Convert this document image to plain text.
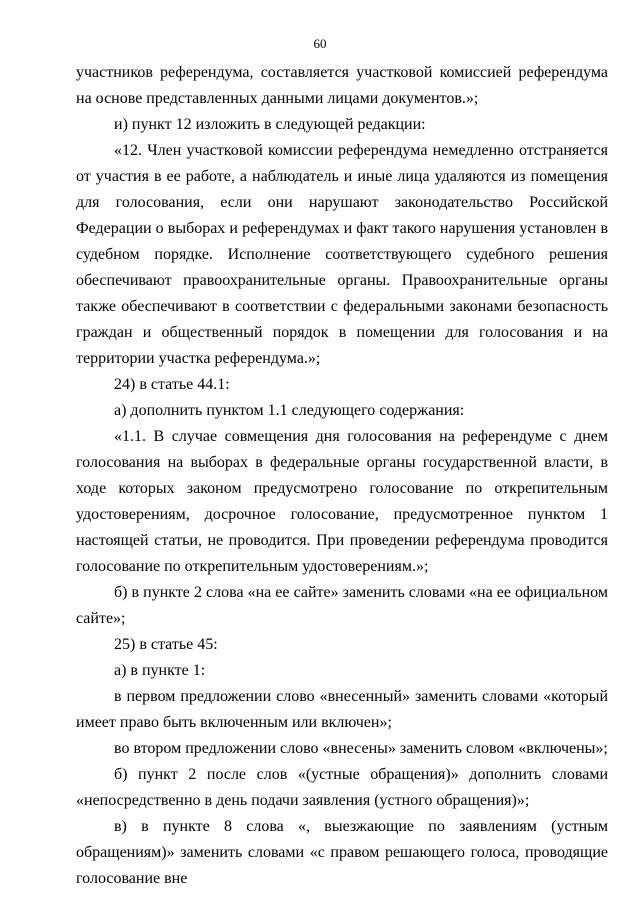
60

участников референдума, составляется участковой комиссией референдума на основе представленных данными лицами документов.»;

и) пункт 12 изложить в следующей редакции:

«12. Член участковой комиссии референдума немедленно отстраняется от участия в ее работе, а наблюдатель и иные лица удаляются из помещения для голосования, если они нарушают законодательство Российской Федерации о выборах и референдумах и факт такого нарушения установлен в судебном порядке. Исполнение соответствующего судебного решения обеспечивают правоохранительные органы. Правоохранительные органы также обеспечивают в соответствии с федеральными законами безопасность граждан и общественный порядок в помещении для голосования и на территории участка референдума.»;

24) в статье 44.1:

а) дополнить пунктом 1.1 следующего содержания:

«1.1. В случае совмещения дня голосования на референдуме с днем голосования на выборах в федеральные органы государственной власти, в ходе которых законом предусмотрено голосование по открепительным удостоверениям, досрочное голосование, предусмотренное пунктом 1 настоящей статьи, не проводится. При проведении референдума проводится голосование по открепительным удостоверениям.»;

б) в пункте 2 слова «на ее сайте» заменить словами «на ее официальном сайте»;

25) в статье 45:

а) в пункте 1:

в первом предложении слово «внесенный» заменить словами «который имеет право быть включенным или включен»;

во втором предложении слово «внесены» заменить словом «включены»;

б) пункт 2 после слов «(устные обращения)» дополнить словами «непосредственно в день подачи заявления (устного обращения)»;

в) в пункте 8 слова «, выезжающие по заявлениям (устным обращениям)» заменить словами «с правом решающего голоса, проводящие голосование вне
